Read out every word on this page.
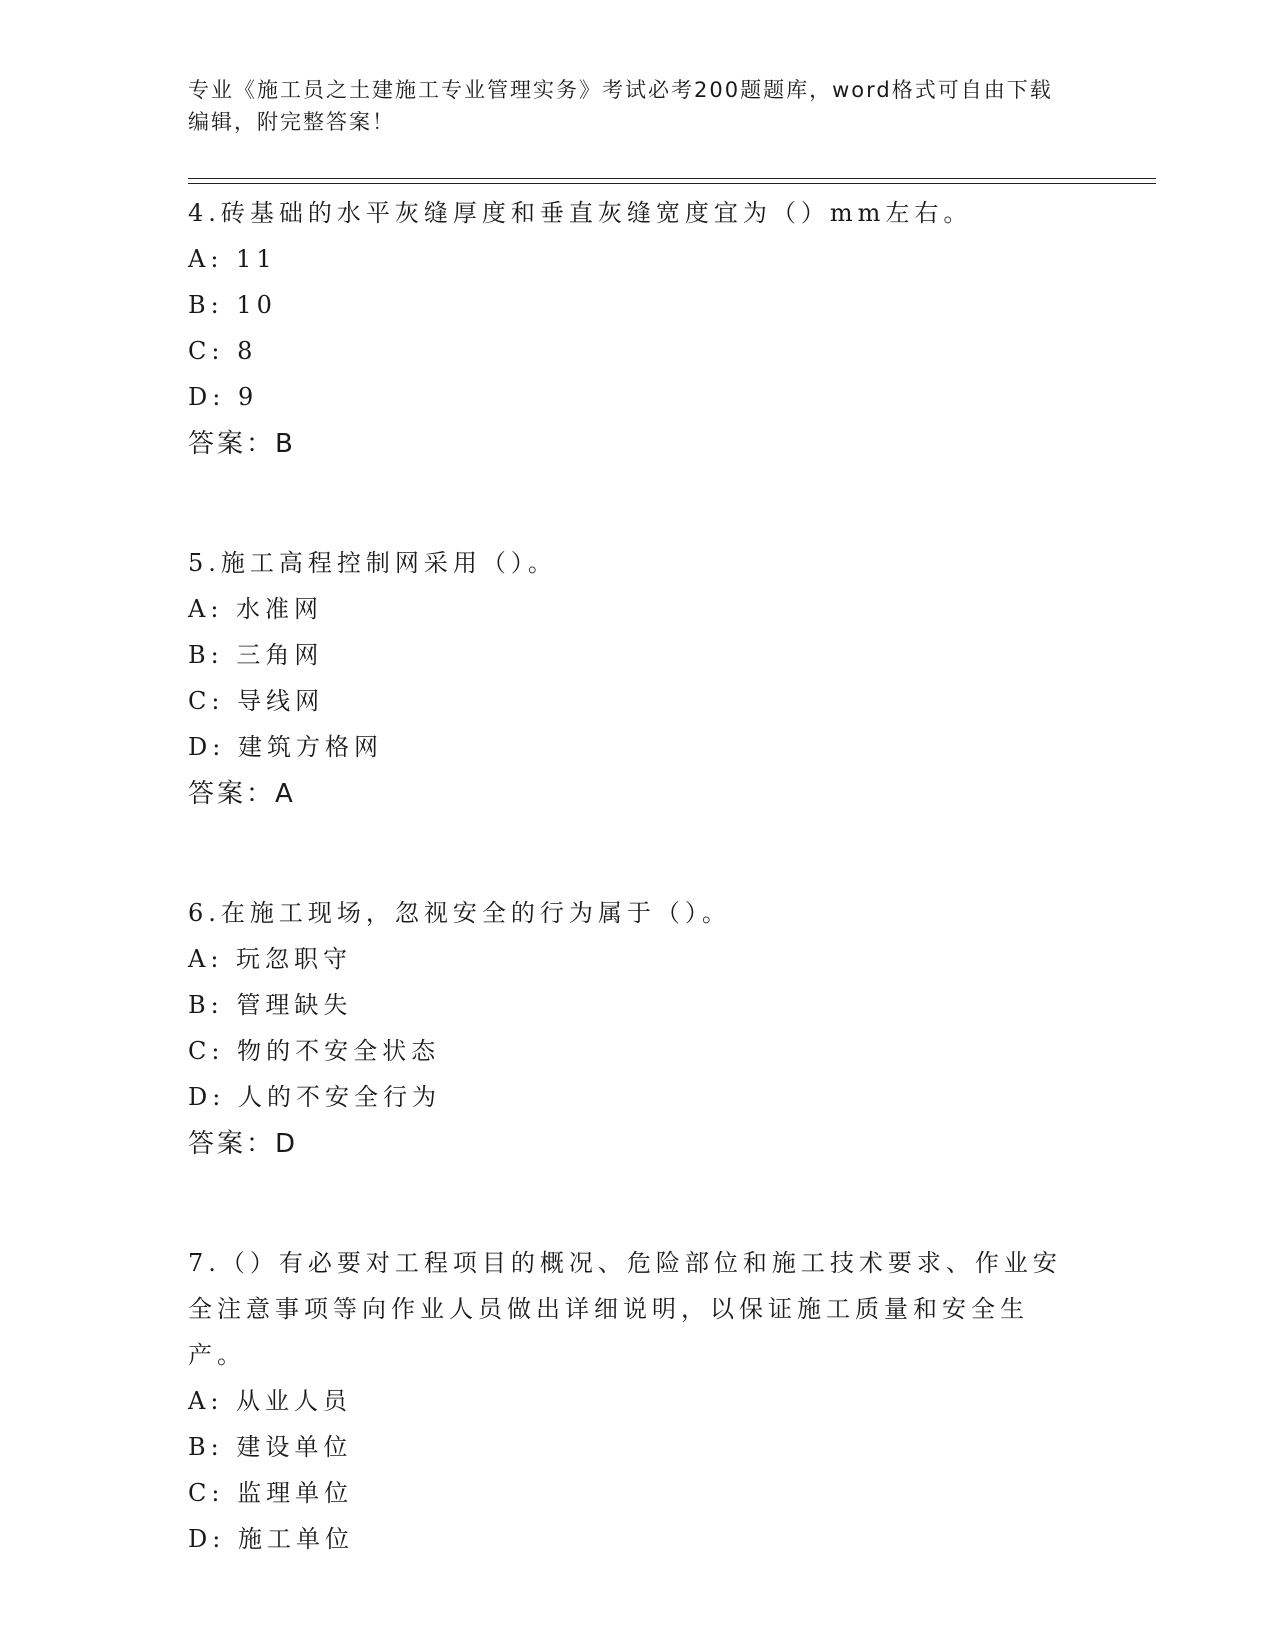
专业《施工员之土建施工专业管理实务》考试必考200题题库，word格式可自由下载编辑，附完整答案！
4.砖基础的水平灰缝厚度和垂直灰缝宽度宜为（）mm左右。
A: 11
B: 10
C: 8
D: 9
答案：B
5.施工高程控制网采用（）。
A: 水准网
B: 三角网
C: 导线网
D: 建筑方格网
答案：A
6.在施工现场，忽视安全的行为属于（）。
A: 玩忽职守
B: 管理缺失
C: 物的不安全状态
D: 人的不安全行为
答案：D
7.（）有必要对工程项目的概况、危险部位和施工技术要求、作业安全注意事项等向作业人员做出详细说明，以保证施工质量和安全生产。
A: 从业人员
B: 建设单位
C: 监理单位
D: 施工单位
